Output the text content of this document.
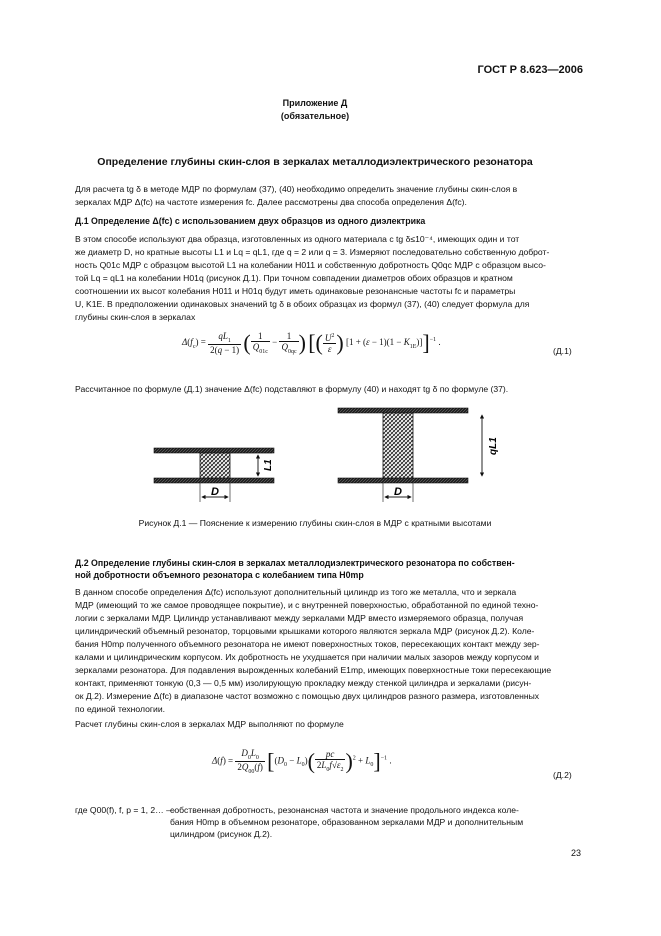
ГОСТ Р 8.623—2006
Приложение Д
(обязательное)
Определение глубины скин-слоя в зеркалах металлодиэлектрического резонатора
Для расчета tg δ в методе МДР по формулам (37), (40) необходимо определить значение глубины скин-слоя в
зеркалах МДР Δ(fc) на частоте измерения fc. Далее рассмотрены два способа определения Δ(fc).
Д.1 Определение Δ(fc) с использованием двух образцов из одного диэлектрика
В этом способе используют два образца, изготовленных из одного материала с tg δ≤10⁻⁴, имеющих один и тот
же диаметр D, но кратные высоты L1 и Lq = qL1, где q = 2 или q = 3. Измеряют последовательно собственную доброт-
ность Q01c МДР с образцом высотой L1 на колебании H011 и собственную добротность Q0qc МДР с образцом высо-
той Lq = qL1 на колебании H01q (рисунок Д.1). При точном совпадении диаметров обоих образцов и кратном
соотношении их высот колебания H011 и H01q будут иметь одинаковые резонансные частоты fc и параметры
U, K1E. В предположении одинаковых значений tg δ в обоих образцах из формул (37), (40) следует формула для
глубины скин-слоя в зеркалах
$\Delta(f_c) = \frac{qL_1}{2(q - 1)}$ ( $\frac{1}{Q_{01c}} - \frac{1}{Q_{0qc}}$ ) [( $\frac{U^2}{\varepsilon}$ ) $[1 + (\varepsilon - 1)(1 - K_{1E})]]^{-1}$ .
(Д.1)
Рассчитанное по формуле (Д.1) значение Δ(fc) подставляют в формулу (40) и находят tg δ по формуле (37).
D	D
L1
qL1
Рисунок Д.1 — Пояснение к измерению глубины скин-слоя в МДР с кратными высотами
Д.2 Определение глубины скин-слоя в зеркалах металлодиэлектрического резонатора по собствен-
ной добротности объемного резонатора с колебанием типа H0mp
В данном способе определения Δ(fc) используют дополнительный цилиндр из того же металла, что и зеркала
МДР (имеющий то же самое проводящее покрытие), и с внутренней поверхностью, обработанной по единой техно-
логии с зеркалами МДР. Цилиндр устанавливают между зеркалами МДР вместо измеряемого образца, получая
цилиндрический объемный резонатор, торцовыми крышками которого являются зеркала МДР (рисунок Д.2). Коле-
бания H0mp полученного объемного резонатора не имеют поверхностных токов, пересекающих контакт между зер-
калами и цилиндрическим корпусом. Их добротность не ухудшается при наличии малых зазоров между корпусом и
зеркалами резонатора. Для подавления вырожденных колебаний E1mp, имеющих поверхностные токи пересекающие
контакт, применяют тонкую (0,3 — 0,5 мм) изолирующую прокладку между стенкой цилиндра и зеркалами (рисун-
ок Д.2). Измерение Δ(fc) в диапазоне частот возможно с помощью двух цилиндров разного размера, изготовленных
по единой технологии.
Расчет глубины скин-слоя в зеркалах МДР выполняют по формуле
$\Delta(f) = \frac{D_0L_0}{2Q_{00}(f)} [(D_0 - L_0)( \frac{pc}{2L_0f√\varepsilon_2} )^2 + L_0]^{-1}$ .
(Д.2)
где Q00(f), f, p = 1, 2… —
собственная добротность, резонансная частота и значение продольного индекса коле-
бания H0mp в объемном резонаторе, образованном зеркалами МДР и дополнительным
цилиндром (рисунок Д.2).
23
